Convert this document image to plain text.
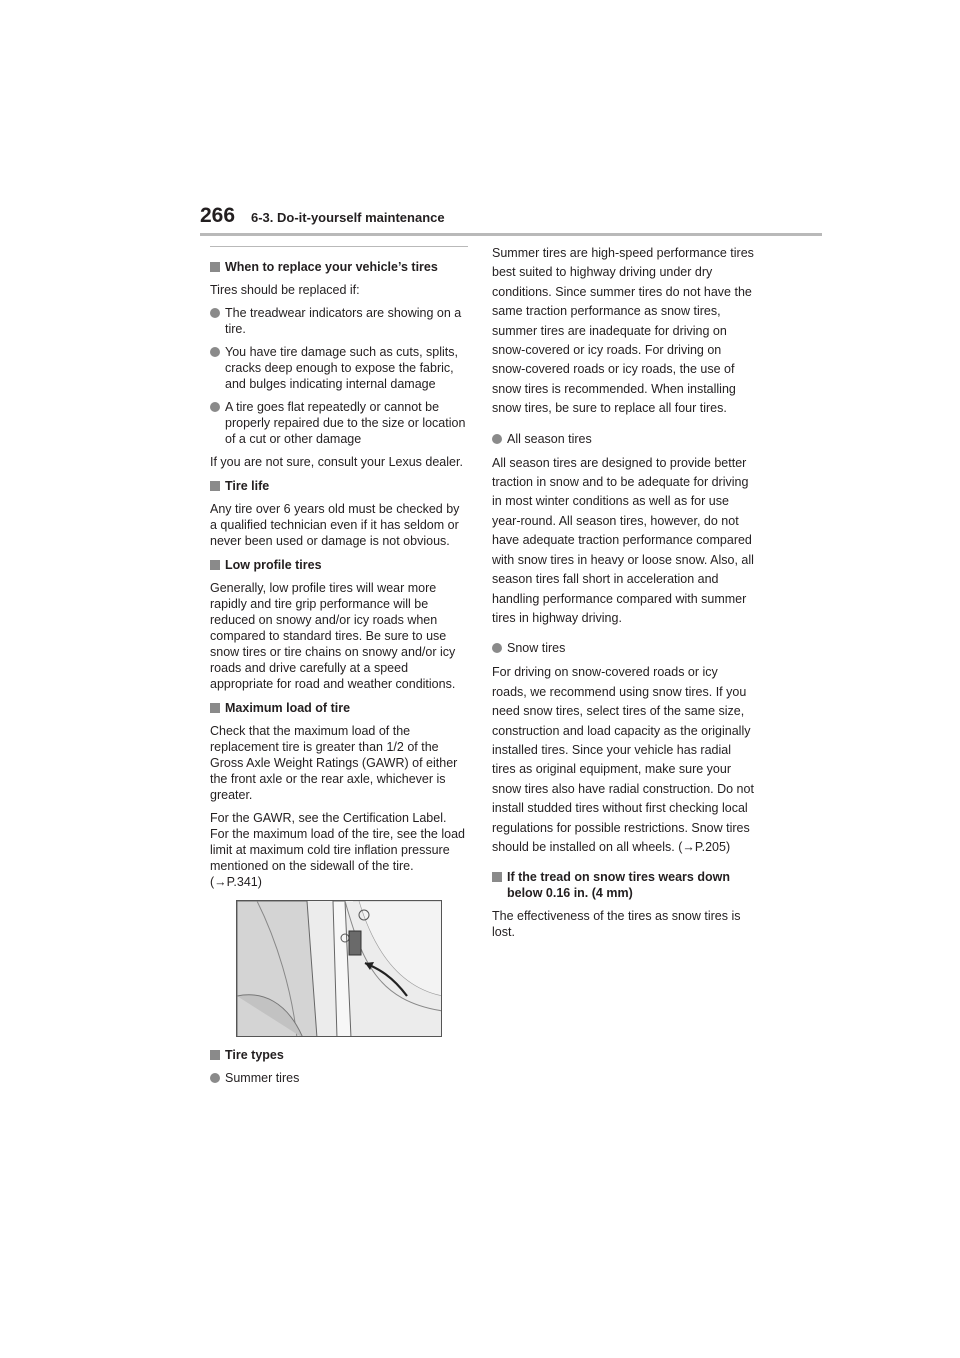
266 6-3. Do-it-yourself maintenance
When to replace your vehicle’s tires
Tires should be replaced if:
The treadwear indicators are showing on a tire.
You have tire damage such as cuts, splits, cracks deep enough to expose the fabric, and bulges indicating internal damage
A tire goes flat repeatedly or cannot be properly repaired due to the size or location of a cut or other damage
If you are not sure, consult your Lexus dealer.
Tire life
Any tire over 6 years old must be checked by a qualified technician even if it has seldom or never been used or damage is not obvious.
Low profile tires
Generally, low profile tires will wear more rapidly and tire grip performance will be reduced on snowy and/or icy roads when compared to standard tires. Be sure to use snow tires or tire chains on snowy and/or icy roads and drive carefully at a speed appropriate for road and weather conditions.
Maximum load of tire
Check that the maximum load of the replacement tire is greater than 1/2 of the Gross Axle Weight Ratings (GAWR) of either the front axle or the rear axle, whichever is greater.
For the GAWR, see the Certification Label. For the maximum load of the tire, see the load limit at maximum cold tire inflation pressure mentioned on the sidewall of the tire. (→P.341)
Tire types
Summer tires
Summer tires are high-speed performance tires best suited to highway driving under dry conditions. Since summer tires do not have the same traction performance as snow tires, summer tires are inadequate for driving on snow-covered or icy roads. For driving on snow-covered roads or icy roads, the use of snow tires is recommended. When installing snow tires, be sure to replace all four tires.
All season tires
All season tires are designed to provide better traction in snow and to be adequate for driving in most winter conditions as well as for use year-round. All season tires, however, do not have adequate traction performance compared with snow tires in heavy or loose snow. Also, all season tires fall short in acceleration and handling performance compared with summer tires in highway driving.
Snow tires
For driving on snow-covered roads or icy roads, we recommend using snow tires. If you need snow tires, select tires of the same size, construction and load capacity as the originally installed tires. Since your vehicle has radial tires as original equipment, make sure your snow tires also have radial construction. Do not install studded tires without first checking local regulations for possible restrictions. Snow tires should be installed on all wheels. (→P.205)
If the tread on snow tires wears down below 0.16 in. (4 mm)
The effectiveness of the tires as snow tires is lost.
